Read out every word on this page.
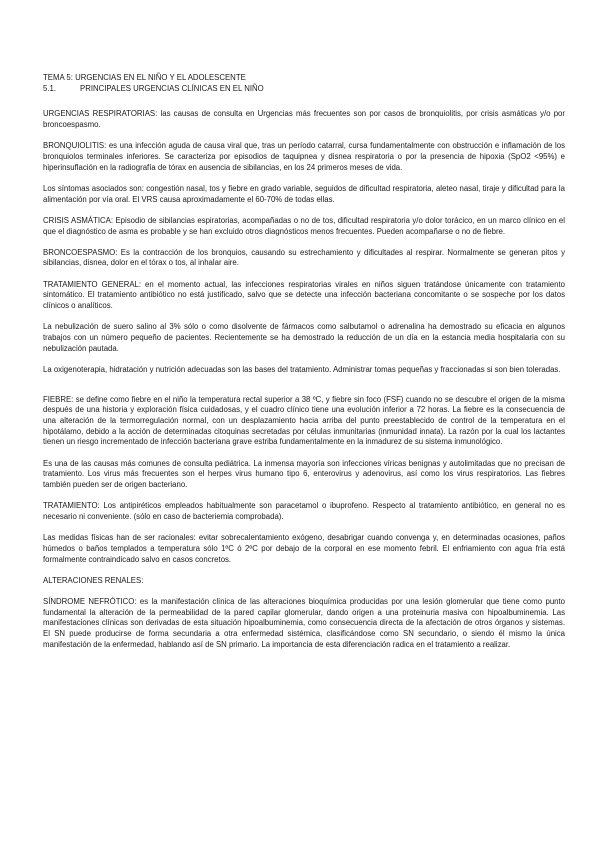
TEMA 5: URGENCIAS EN EL NIÑO Y EL ADOLESCENTE

5.1.	PRINCIPALES URGENCIAS CLÍNICAS EN EL NIÑO

URGENCIAS RESPIRATORIAS: las causas de consulta en Urgencias más frecuentes son por casos de bronquiolitis, por crisis asmáticas y/o por broncoespasmo.

BRONQUIOLITIS: es una infección aguda de causa viral que, tras un período catarral, cursa fundamentalmente con obstrucción e inflamación de los bronquiolos terminales inferiores. Se caracteriza por episodios de taquipnea y disnea respiratoria o por la presencia de hipoxia (SpO2 <95%) e hiperinsuflación en la radiografía de tórax en ausencia de sibilancias, en los 24 primeros meses de vida.

Los síntomas asociados son: congestión nasal, tos y fiebre en grado variable, seguidos de dificultad respiratoria, aleteo nasal, tiraje y dificultad para la alimentación por vía oral. El VRS causa aproximadamente el 60-70% de todas ellas.

CRISIS ASMÁTICA: Episodio de sibilancias espiratorias, acompañadas o no de tos, dificultad respiratoria y/o dolor torácico, en un marco clínico en el que el diagnóstico de asma es probable y se han excluido otros diagnósticos menos frecuentes. Pueden acompañarse o no de fiebre.

BRONCOESPASMO: Es la contracción de los bronquios, causando su estrechamiento y dificultades al respirar. Normalmente se generan pitos y sibilancias, disnea, dolor en el tórax o tos, al inhalar aire.

TRATAMIENTO GENERAL: en el momento actual, las infecciones respiratorias virales en niños siguen tratándose únicamente con tratamiento sintomático. El tratamiento antibiótico no está justificado, salvo que se detecte una infección bacteriana concomitante o se sospeche por los datos clínicos o analíticos.

La nebulización de suero salino al 3% sólo o como disolvente de fármacos como salbutamol o adrenalina ha demostrado su eficacia en algunos trabajos con un número pequeño de pacientes. Recientemente se ha demostrado la reducción de un día en la estancia media hospitalaria con su nebulización pautada.

La oxigenoterapia, hidratación y nutrición adecuadas son las bases del tratamiento. Administrar tomas pequeñas y fraccionadas si son bien toleradas.

FIEBRE: se define como fiebre en el niño la temperatura rectal superior a 38 ºC, y fiebre sin foco (FSF) cuando no se descubre el origen de la misma después de una historia y exploración física cuidadosas, y el cuadro clínico tiene una evolución inferior a 72 horas. La fiebre es la consecuencia de una alteración de la termorregulación normal, con un desplazamiento hacia arriba del punto preestablecido de control de la temperatura en el hipotálamo, debido a la acción de determinadas citoquinas secretadas por células inmunitarias (inmunidad innata). La razón por la cual los lactantes tienen un riesgo incrementado de infección bacteriana grave estriba fundamentalmente en la inmadurez de su sistema inmunológico.

Es una de las causas más comunes de consulta pediátrica. La inmensa mayoría son infecciones víricas benignas y autolimitadas que no precisan de tratamiento. Los virus más frecuentes son el herpes virus humano tipo 6, enterovirus y adenovirus, así como los virus respiratorios. Las fiebres también pueden ser de origen bacteriano.

TRATAMIENTO: Los antipiréticos empleados habitualmente son paracetamol o ibuprofeno. Respecto al tratamiento antibiótico, en general no es necesario ni conveniente. (sólo en caso de bacteriemia comprobada).

Las medidas físicas han de ser racionales: evitar sobrecalentamiento exógeno, desabrigar cuando convenga y, en determinadas ocasiones, paños húmedos o baños templados a temperatura sólo 1ºC ó 2ºC por debajo de la corporal en ese momento febril. El enfriamiento con agua fría está formalmente contraindicado salvo en casos concretos.

ALTERACIONES RENALES:

SÍNDROME NEFRÓTICO: es la manifestación clínica de las alteraciones bioquímica producidas por una lesión glomerular que tiene como punto fundamental la alteración de la permeabilidad de la pared capilar glomerular, dando origen a una proteinuria masiva con hipoalbuminemia. Las manifestaciones clínicas son derivadas de esta situación hipoalbuminemia, como consecuencia directa de la afectación de otros órganos y sistemas. El SN puede producirse de forma secundaria a otra enfermedad sistémica, clasificándose como SN secundario, o siendo él mismo la única manifestación de la enfermedad, hablando así de SN primario. La importancia de esta diferenciación radica en el tratamiento a realizar.
